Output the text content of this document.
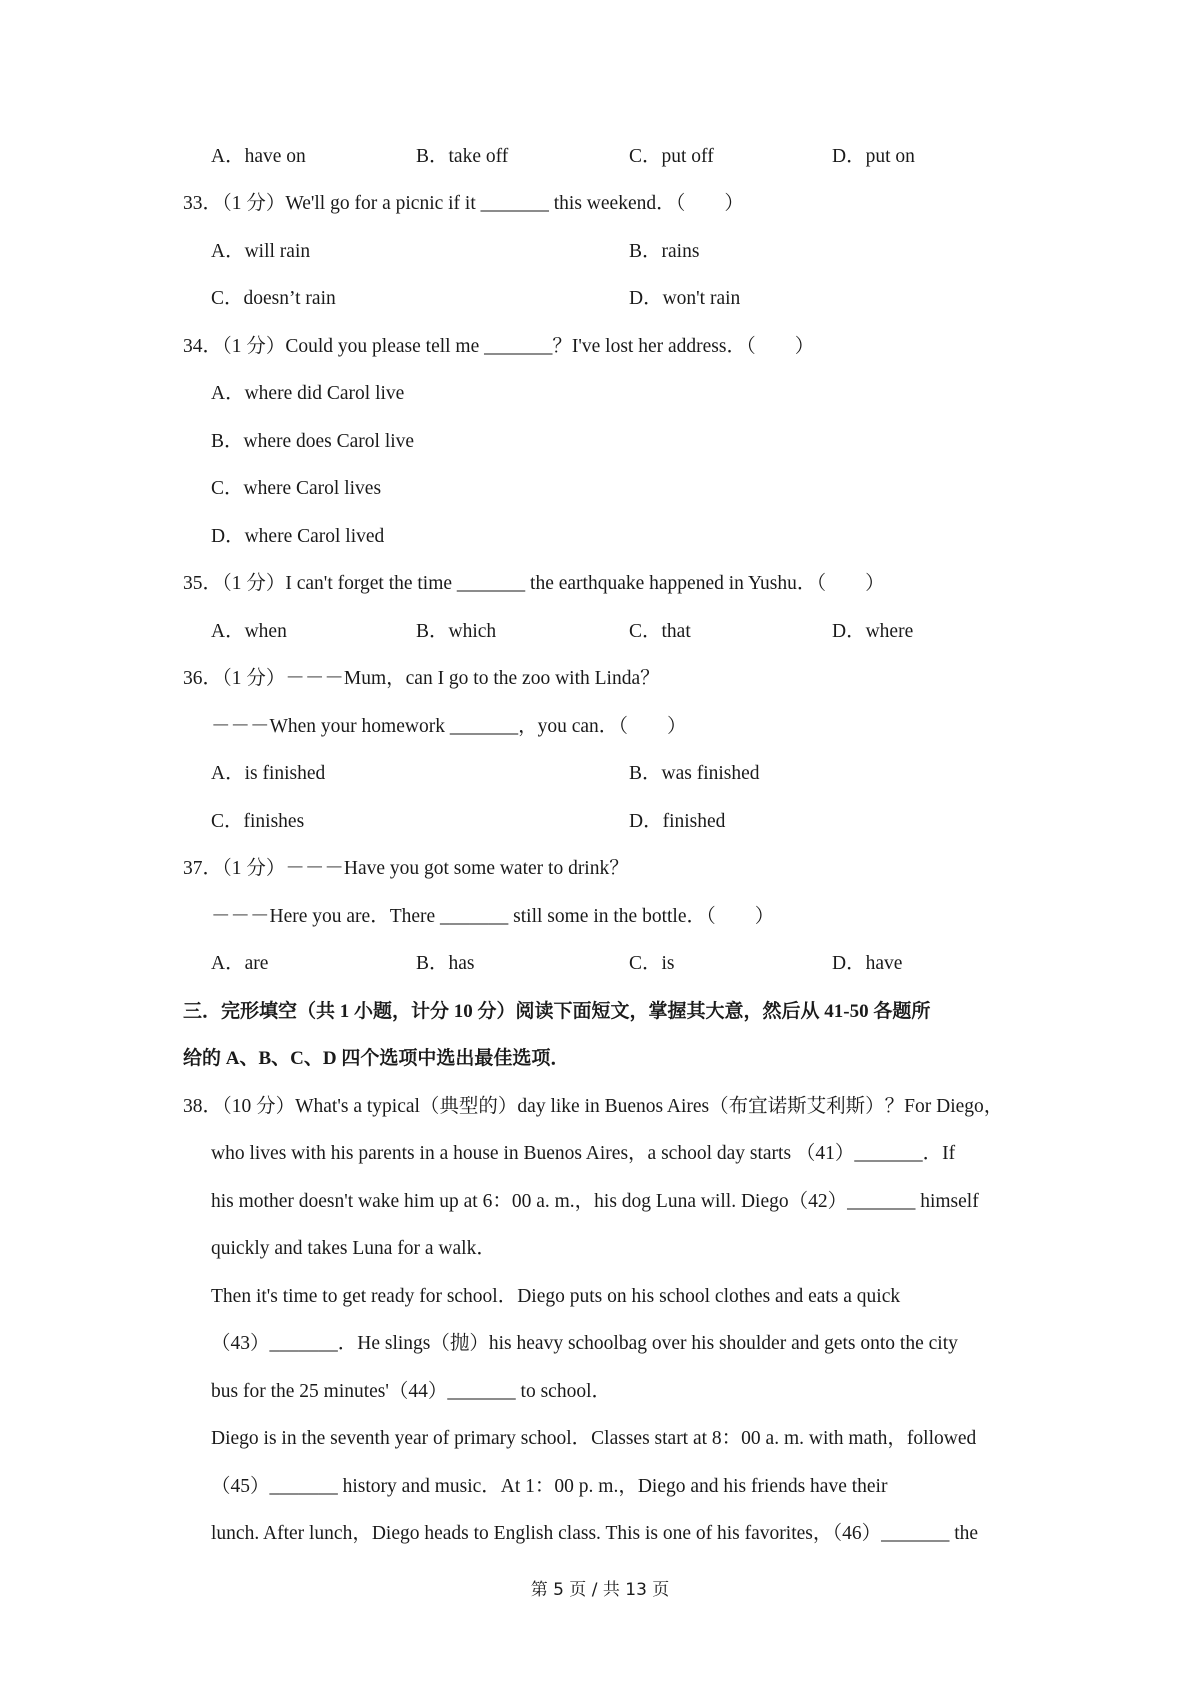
A．have on	B．take off	C．put off	D．put on
33．（1 分）We'll go for a picnic if it _______ this weekend．（　　）
A．will rain	B．rains
C．doesn’t rain	D．won't rain
34．（1 分）Could you please tell me _______？I've lost her address．（　　）
A．where did Carol live
B．where does Carol live
C．where Carol lives
D．where Carol lived
35．（1 分）I can't forget the time _______ the earthquake happened in Yushu．（　　）
A．when	B．which	C．that	D．where
36．（1 分）－－－Mum，can I go to the zoo with Linda？
－－－When your homework _______，you can．（　　）
A．is finished	B．was finished
C．finishes	D．finished
37．（1 分）－－－Have you got some water to drink？
－－－Here you are．There _______ still some in the bottle．（　　）
A．are	B．has	C．is	D．have
三．完形填空（共 1 小题，计分 10 分）阅读下面短文，掌握其大意，然后从 41-50 各题所
给的 A、B、C、D 四个选项中选出最佳选项．
38．（10 分）What's a typical（典型的）day like in Buenos Aires（布宜诺斯艾利斯）？For Diego，
who lives with his parents in a house in Buenos Aires，a school day starts （41）_______．If
his mother doesn't wake him up at 6：00 a. m.，his dog Luna will. Diego（42）_______ himself
quickly and takes Luna for a walk．
Then it's time to get ready for school．Diego puts on his school clothes and eats a quick
（43）_______．He slings（抛）his heavy schoolbag over his shoulder and gets onto the city
bus for the 25 minutes'（44）_______ to school．
Diego is in the seventh year of primary school．Classes start at 8：00 a. m. with math，followed
（45）_______ history and music．At 1：00 p. m.，Diego and his friends have their
lunch. After lunch，Diego heads to English class. This is one of his favorites，（46）_______ the
第 5 页 / 共 13 页
